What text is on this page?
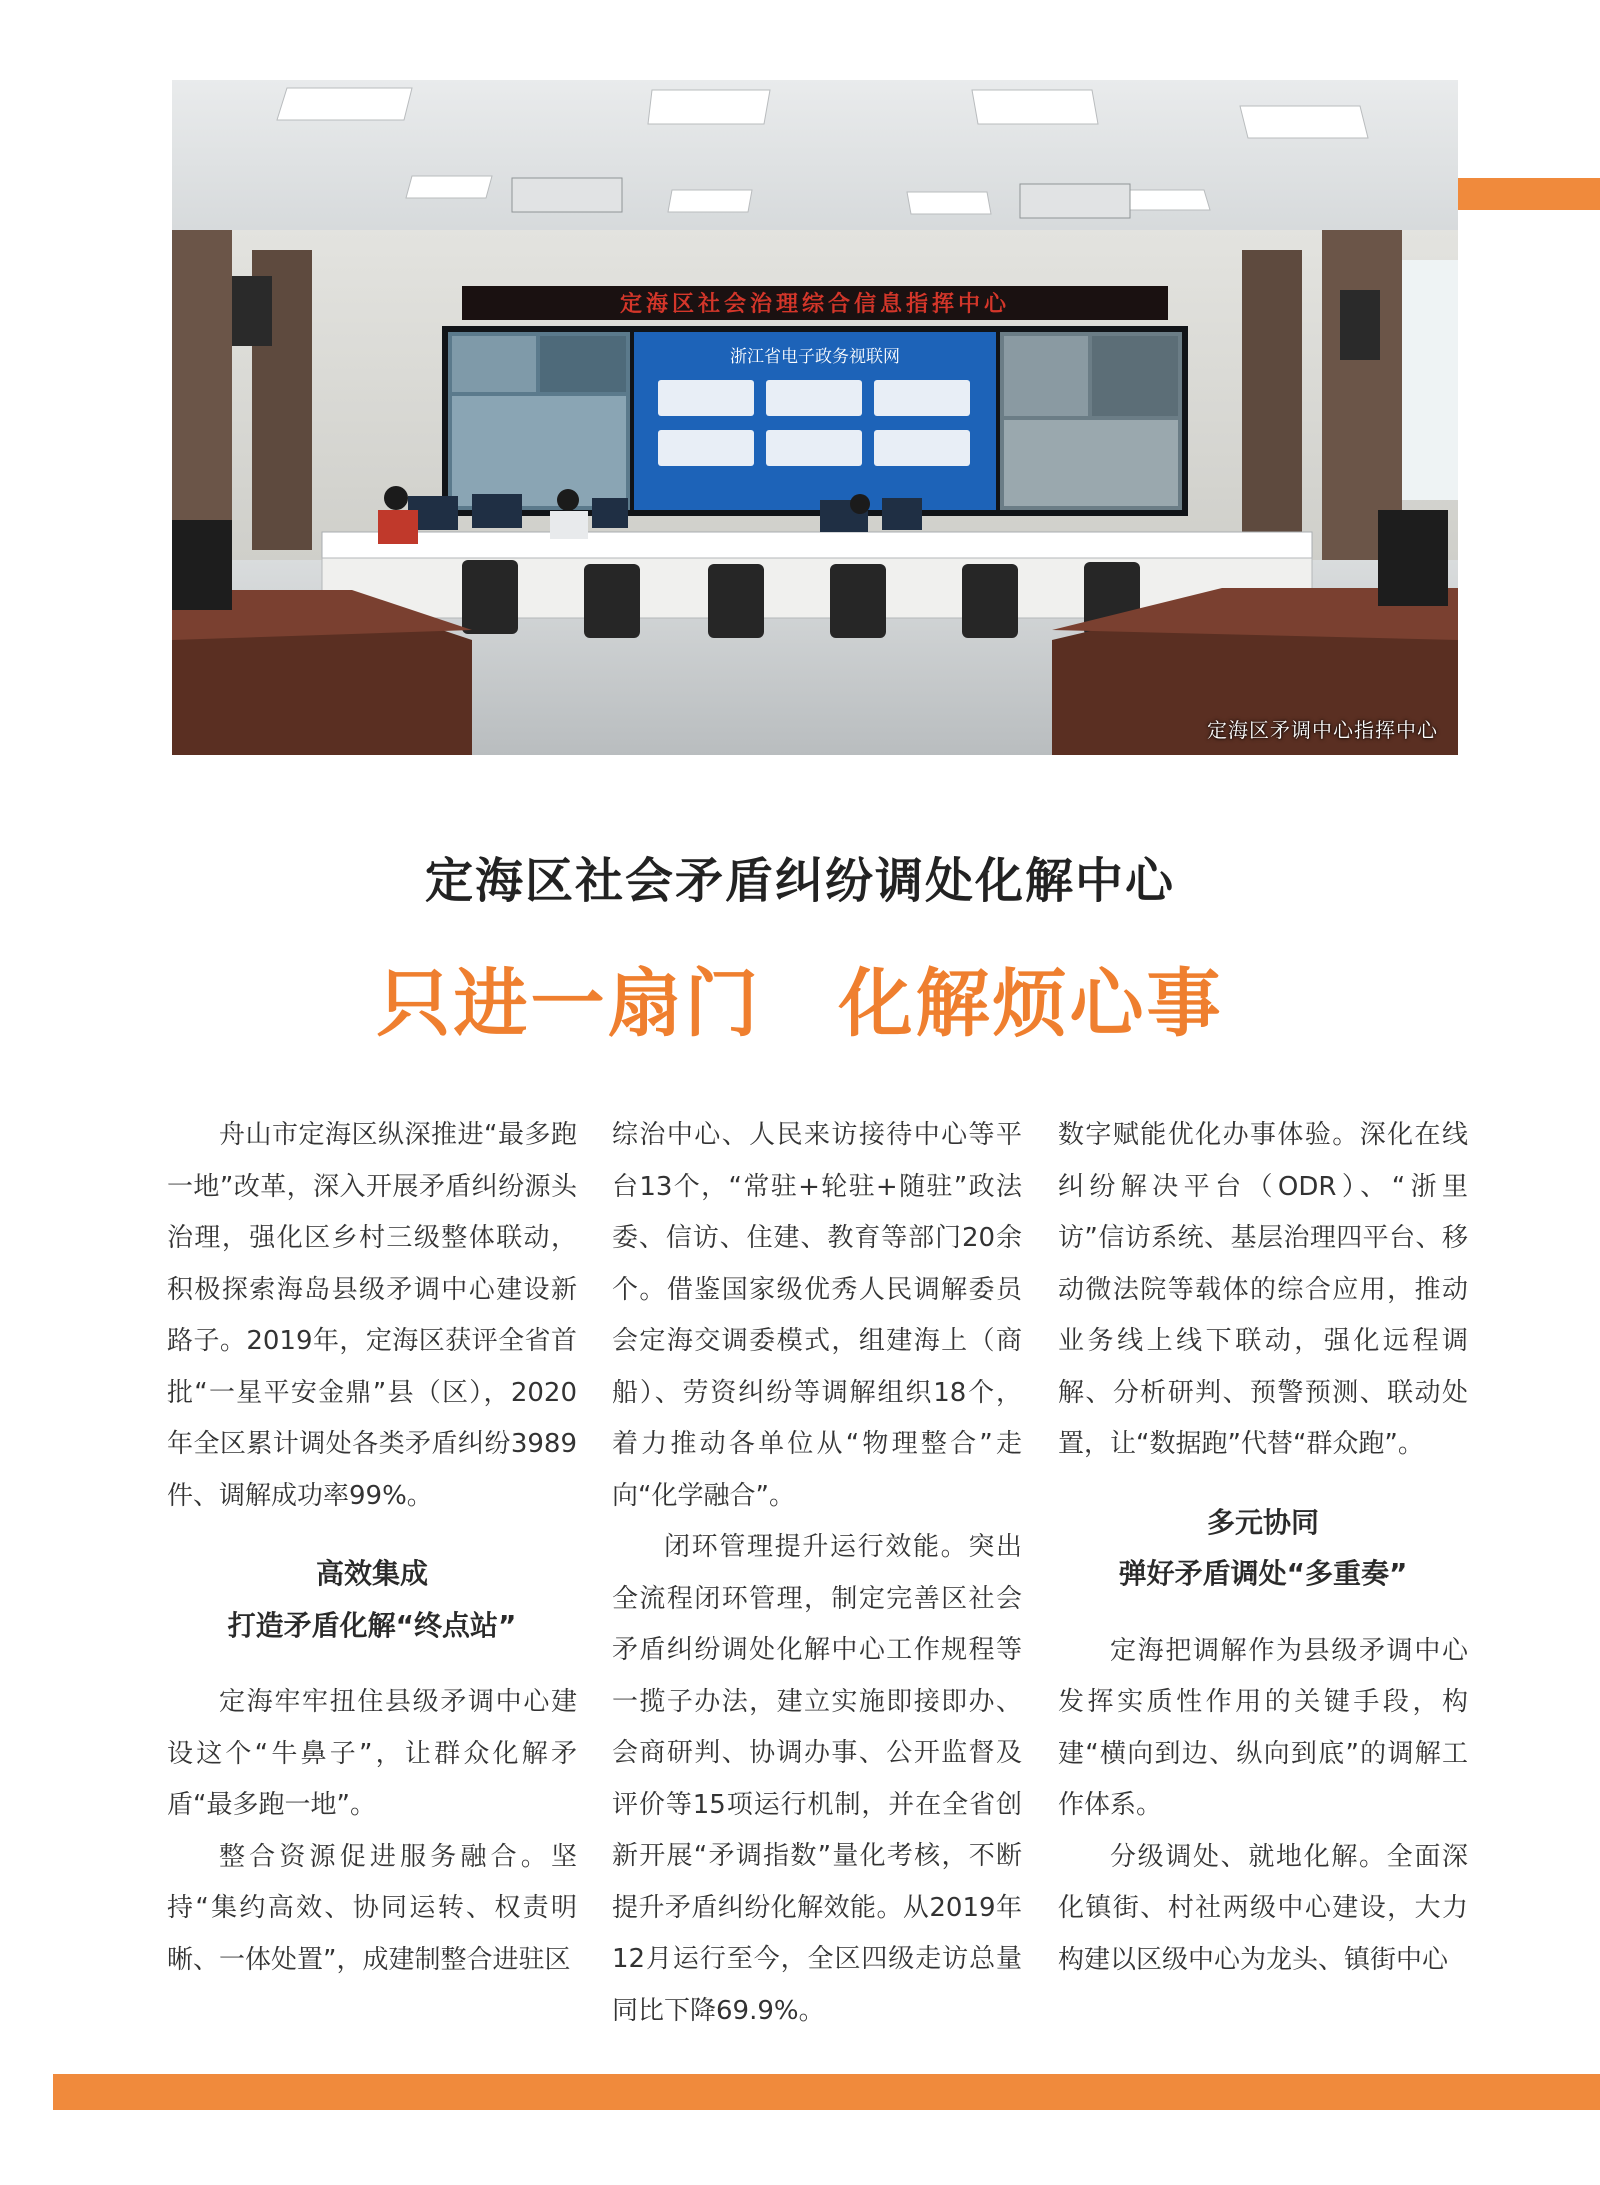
定海区社会治理综合信息指挥中心
浙江省电子政务视联网
定海区矛调中心指挥中心
定海区社会矛盾纠纷调处化解中心
只进一扇门　化解烦心事

舟山市定海区纵深推进“最多跑一地”改革，深入开展矛盾纠纷源头治理，强化区乡村三级整体联动，积极探索海岛县级矛调中心建设新路子。2019年，定海区获评全省首批“一星平安金鼎”县（区），2020年全区累计调处各类矛盾纠纷3989件、调解成功率99%。

高效集成
打造矛盾化解“终点站”

定海牢牢扭住县级矛调中心建设这个“牛鼻子”，让群众化解矛盾“最多跑一地”。

整合资源促进服务融合。坚持“集约高效、协同运转、权责明晰、一体处置”，成建制整合进驻区

综治中心、人民来访接待中心等平台13个，“常驻+轮驻+随驻”政法委、信访、住建、教育等部门20余个。借鉴国家级优秀人民调解委员会定海交调委模式，组建海上（商船）、劳资纠纷等调解组织18个，着力推动各单位从“物理整合”走向“化学融合”。

闭环管理提升运行效能。突出全流程闭环管理，制定完善区社会矛盾纠纷调处化解中心工作规程等一揽子办法，建立实施即接即办、会商研判、协调办事、公开监督及评价等15项运行机制，并在全省创新开展“矛调指数”量化考核，不断提升矛盾纠纷化解效能。从2019年12月运行至今，全区四级走访总量同比下降69.9%。

数字赋能优化办事体验。深化在线纠纷解决平台（ODR）、“浙里访”信访系统、基层治理四平台、移动微法院等载体的综合应用，推动业务线上线下联动，强化远程调解、分析研判、预警预测、联动处置，让“数据跑”代替“群众跑”。

多元协同
弹好矛盾调处“多重奏”

定海把调解作为县级矛调中心发挥实质性作用的关键手段，构建“横向到边、纵向到底”的调解工作体系。

分级调处、就地化解。全面深化镇街、村社两级中心建设，大力构建以区级中心为龙头、镇街中心
